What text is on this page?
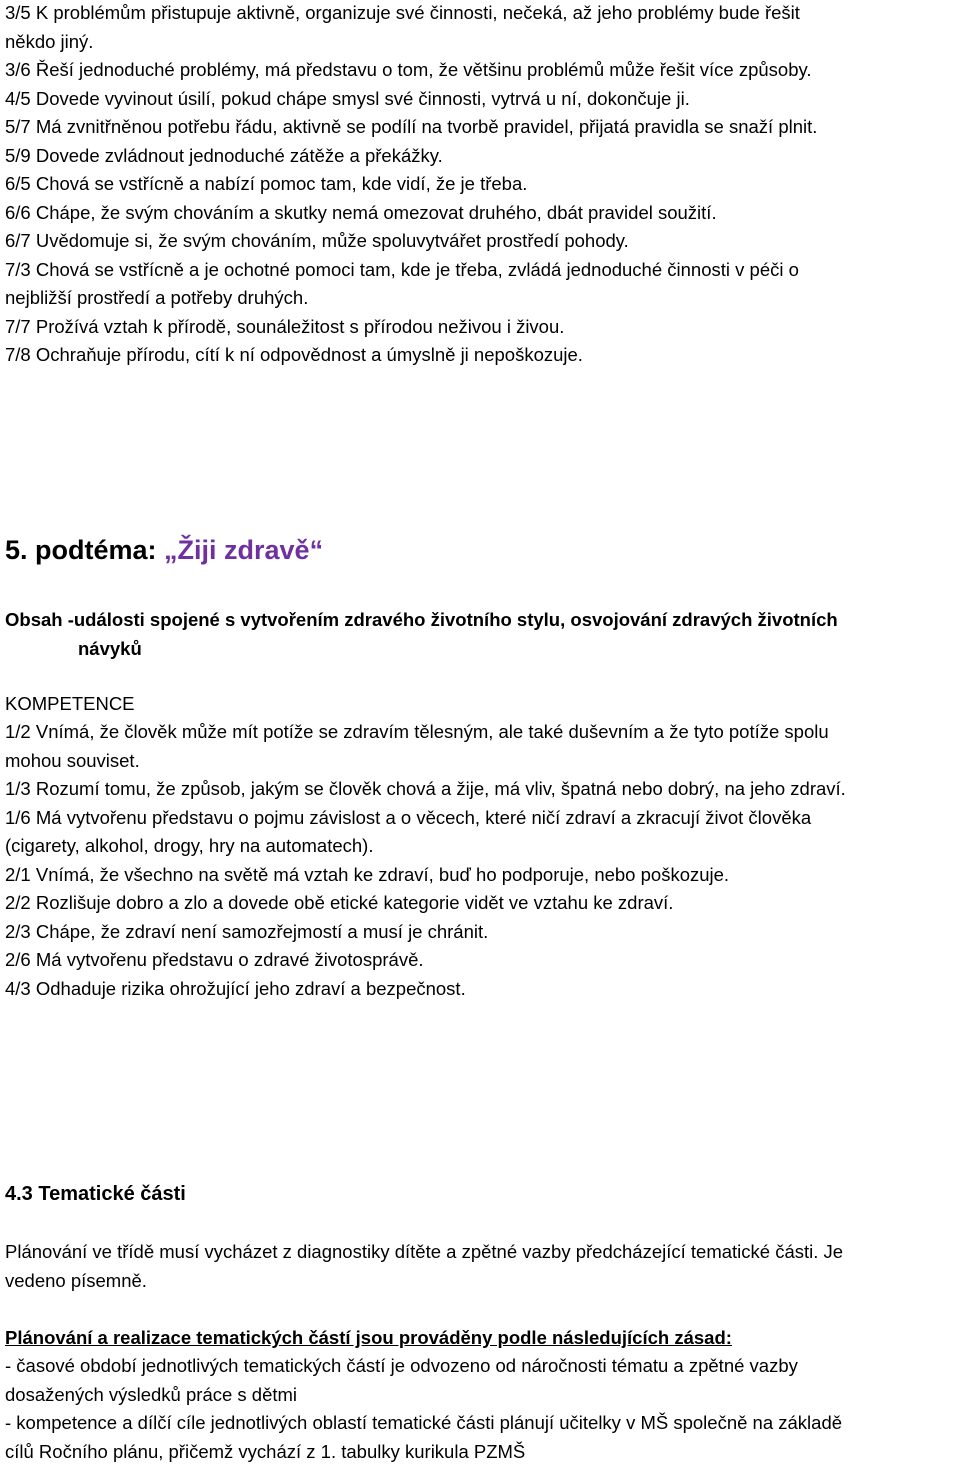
3/5 K problémům přistupuje aktivně, organizuje své činnosti, nečeká, až jeho problémy bude řešit
někdo jiný.
3/6 Řeší jednoduché problémy, má představu o tom, že většinu problémů může řešit více způsoby.
4/5 Dovede vyvinout úsilí, pokud chápe smysl své činnosti, vytrvá u ní, dokončuje ji.
5/7 Má zvnitřněnou potřebu řádu, aktivně se podílí na tvorbě pravidel, přijatá pravidla se snaží plnit.
5/9 Dovede zvládnout jednoduché zátěže a překážky.
6/5 Chová se vstřícně a nabízí pomoc tam, kde vidí, že je třeba.
6/6 Chápe, že svým chováním a skutky nemá omezovat druhého, dbát pravidel soužití.
6/7 Uvědomuje si, že svým chováním, může spoluvytvářet prostředí pohody.
7/3 Chová se vstřícně a je ochotné pomoci tam, kde je třeba, zvládá jednoduché činnosti v péči o
nejbližší prostředí a potřeby druhých.
7/7 Prožívá vztah k přírodě, sounáležitost s přírodou neživou i živou.
7/8 Ochraňuje přírodu, cítí k ní odpovědnost a úmyslně ji nepoškozuje.
5. podtéma: „Žiji zdravě“
Obsah -události spojené s vytvořením zdravého životního stylu, osvojování zdravých životních
návyků
KOMPETENCE
1/2 Vnímá, že člověk může mít potíže se zdravím tělesným, ale také duševním a že tyto potíže spolu
mohou souviset.
1/3 Rozumí tomu, že způsob, jakým se člověk chová a žije, má vliv, špatná nebo dobrý, na jeho zdraví.
1/6 Má vytvořenu představu o pojmu závislost a o věcech, které ničí zdraví a zkracují život člověka
(cigarety, alkohol, drogy, hry na automatech).
2/1 Vnímá, že všechno na světě má vztah ke zdraví, buď ho podporuje, nebo poškozuje.
2/2 Rozlišuje dobro a zlo a dovede obě etické kategorie vidět ve vztahu ke zdraví.
2/3 Chápe, že zdraví není samozřejmostí a musí je chránit.
2/6 Má vytvořenu představu o zdravé životosprávě.
4/3 Odhaduje rizika ohrožující jeho zdraví a bezpečnost.
4.3 Tematické části
Plánování ve třídě musí vycházet z diagnostiky dítěte a zpětné vazby předcházející tematické části. Je
vedeno písemně.
Plánování a realizace tematických částí jsou prováděny podle následujících zásad:
- časové období jednotlivých tematických částí je odvozeno od náročnosti tématu a zpětné vazby
dosažených výsledků práce s dětmi
- kompetence a dílčí cíle jednotlivých oblastí tematické části plánují učitelky v MŠ společně na základě
cílů Ročního plánu, přičemž vychází z 1. tabulky kurikula PZMŠ
